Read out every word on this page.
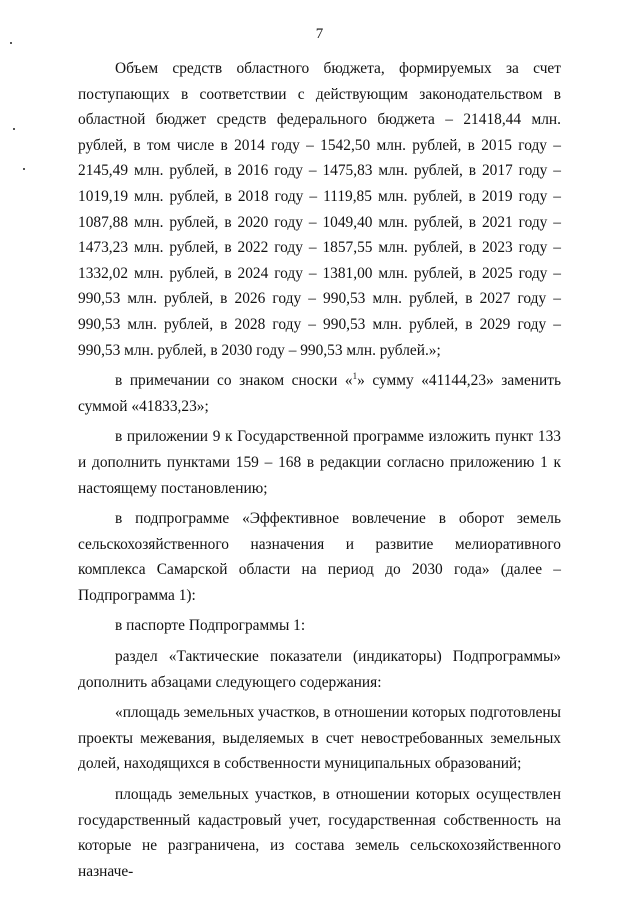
7

Объем средств областного бюджета, формируемых за счет поступающих в соответствии с действующим законодательством в областной бюджет средств федерального бюджета – 21418,44 млн. рублей, в том числе в 2014 году – 1542,50 млн. рублей, в 2015 году – 2145,49 млн. рублей, в 2016 году – 1475,83 млн. рублей, в 2017 году – 1019,19 млн. рублей, в 2018 году – 1119,85 млн. рублей, в 2019 году – 1087,88 млн. рублей, в 2020 году – 1049,40 млн. рублей, в 2021 году – 1473,23 млн. рублей, в 2022 году – 1857,55 млн. рублей, в 2023 году – 1332,02 млн. рублей, в 2024 году – 1381,00 млн. рублей, в 2025 году – 990,53 млн. рублей, в 2026 году – 990,53 млн. рублей, в 2027 году – 990,53 млн. рублей, в 2028 году – 990,53 млн. рублей, в 2029 году – 990,53 млн. рублей, в 2030 году – 990,53 млн. рублей.»;

в примечании со знаком сноски «$^1$» сумму «41144,23» заменить суммой «41833,23»;

в приложении 9 к Государственной программе изложить пункт 133 и дополнить пунктами 159 – 168 в редакции согласно приложению 1 к настоящему постановлению;

в подпрограмме «Эффективное вовлечение в оборот земель сельскохозяйственного назначения и развитие мелиоративного комплекса Самарской области на период до 2030 года» (далее – Подпрограмма 1):

в паспорте Подпрограммы 1:

раздел «Тактические показатели (индикаторы) Подпрограммы» дополнить абзацами следующего содержания:

«площадь земельных участков, в отношении которых подготовлены проекты межевания, выделяемых в счет невостребованных земельных долей, находящихся в собственности муниципальных образований;

площадь земельных участков, в отношении которых осуществлен государственный кадастровый учет, государственная собственность на которые не разграничена, из состава земель сельскохозяйственного назначе-
